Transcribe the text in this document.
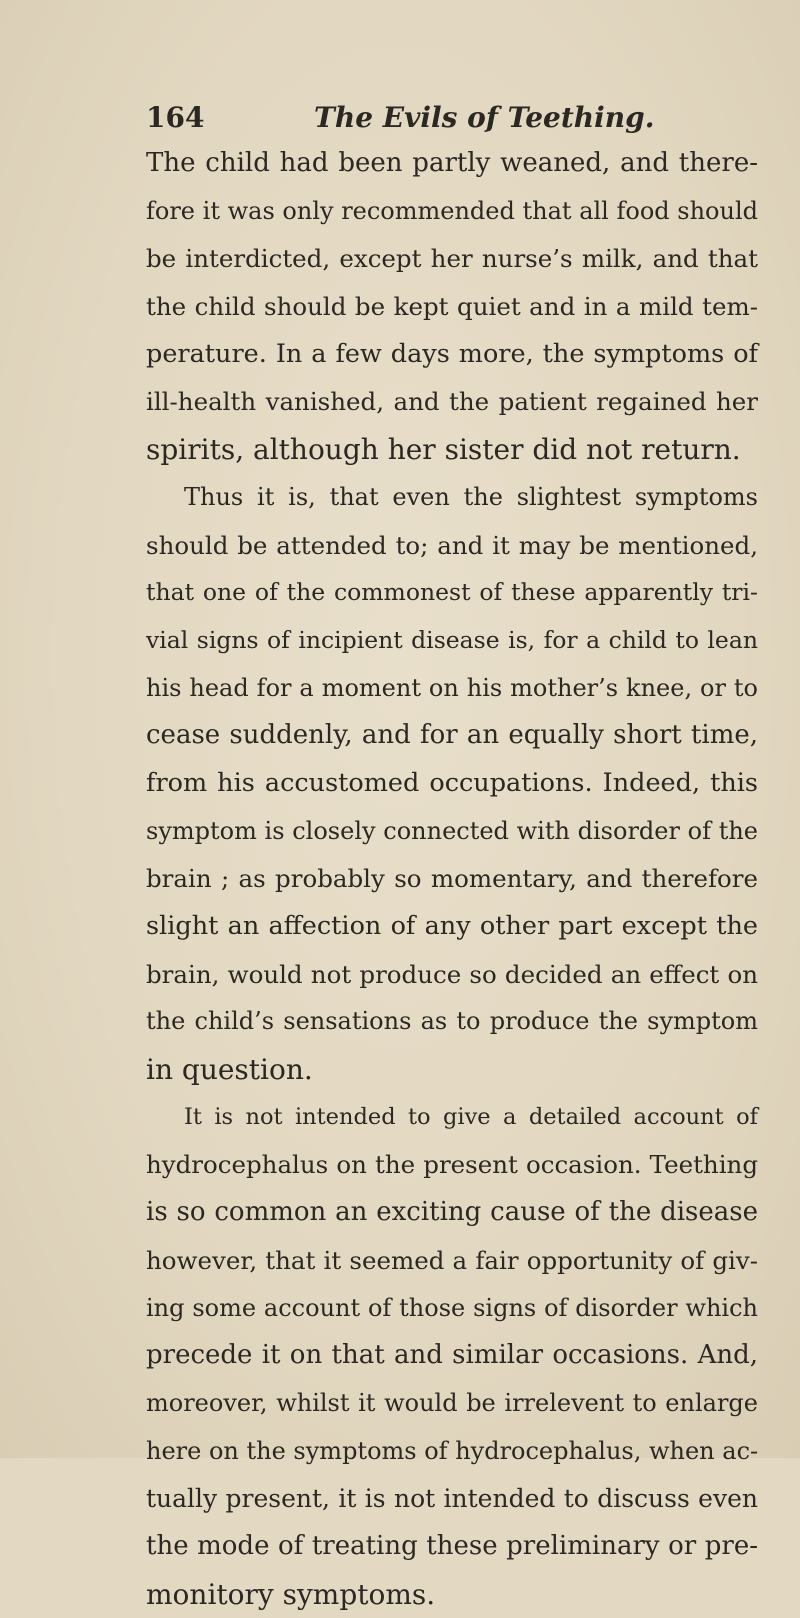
164	The Evils of Teething.
The child had been partly weaned, and there-
fore it was only recommended that all food should
be interdicted, except her nurse’s milk, and that
the child should be kept quiet and in a mild tem-
perature. In a few days more, the symptoms of
ill-health vanished, and the patient regained her
spirits, although her sister did not return.
Thus it is, that even the slightest symptoms
should be attended to; and it may be mentioned,
that one of the commonest of these apparently tri-
vial signs of incipient disease is, for a child to lean
his head for a moment on his mother’s knee, or to
cease suddenly, and for an equally short time,
from his accustomed occupations. Indeed, this
symptom is closely connected with disorder of the
brain ; as probably so momentary, and therefore
slight an affection of any other part except the
brain, would not produce so decided an effect on
the child’s sensations as to produce the symptom
in question.
It is not intended to give a detailed account of
hydrocephalus on the present occasion. Teething
is so common an exciting cause of the disease
however, that it seemed a fair opportunity of giv-
ing some account of those signs of disorder which
precede it on that and similar occasions. And,
moreover, whilst it would be irrelevent to enlarge
here on the symptoms of hydrocephalus, when ac-
tually present, it is not intended to discuss even
the mode of treating these preliminary or pre-
monitory symptoms.
